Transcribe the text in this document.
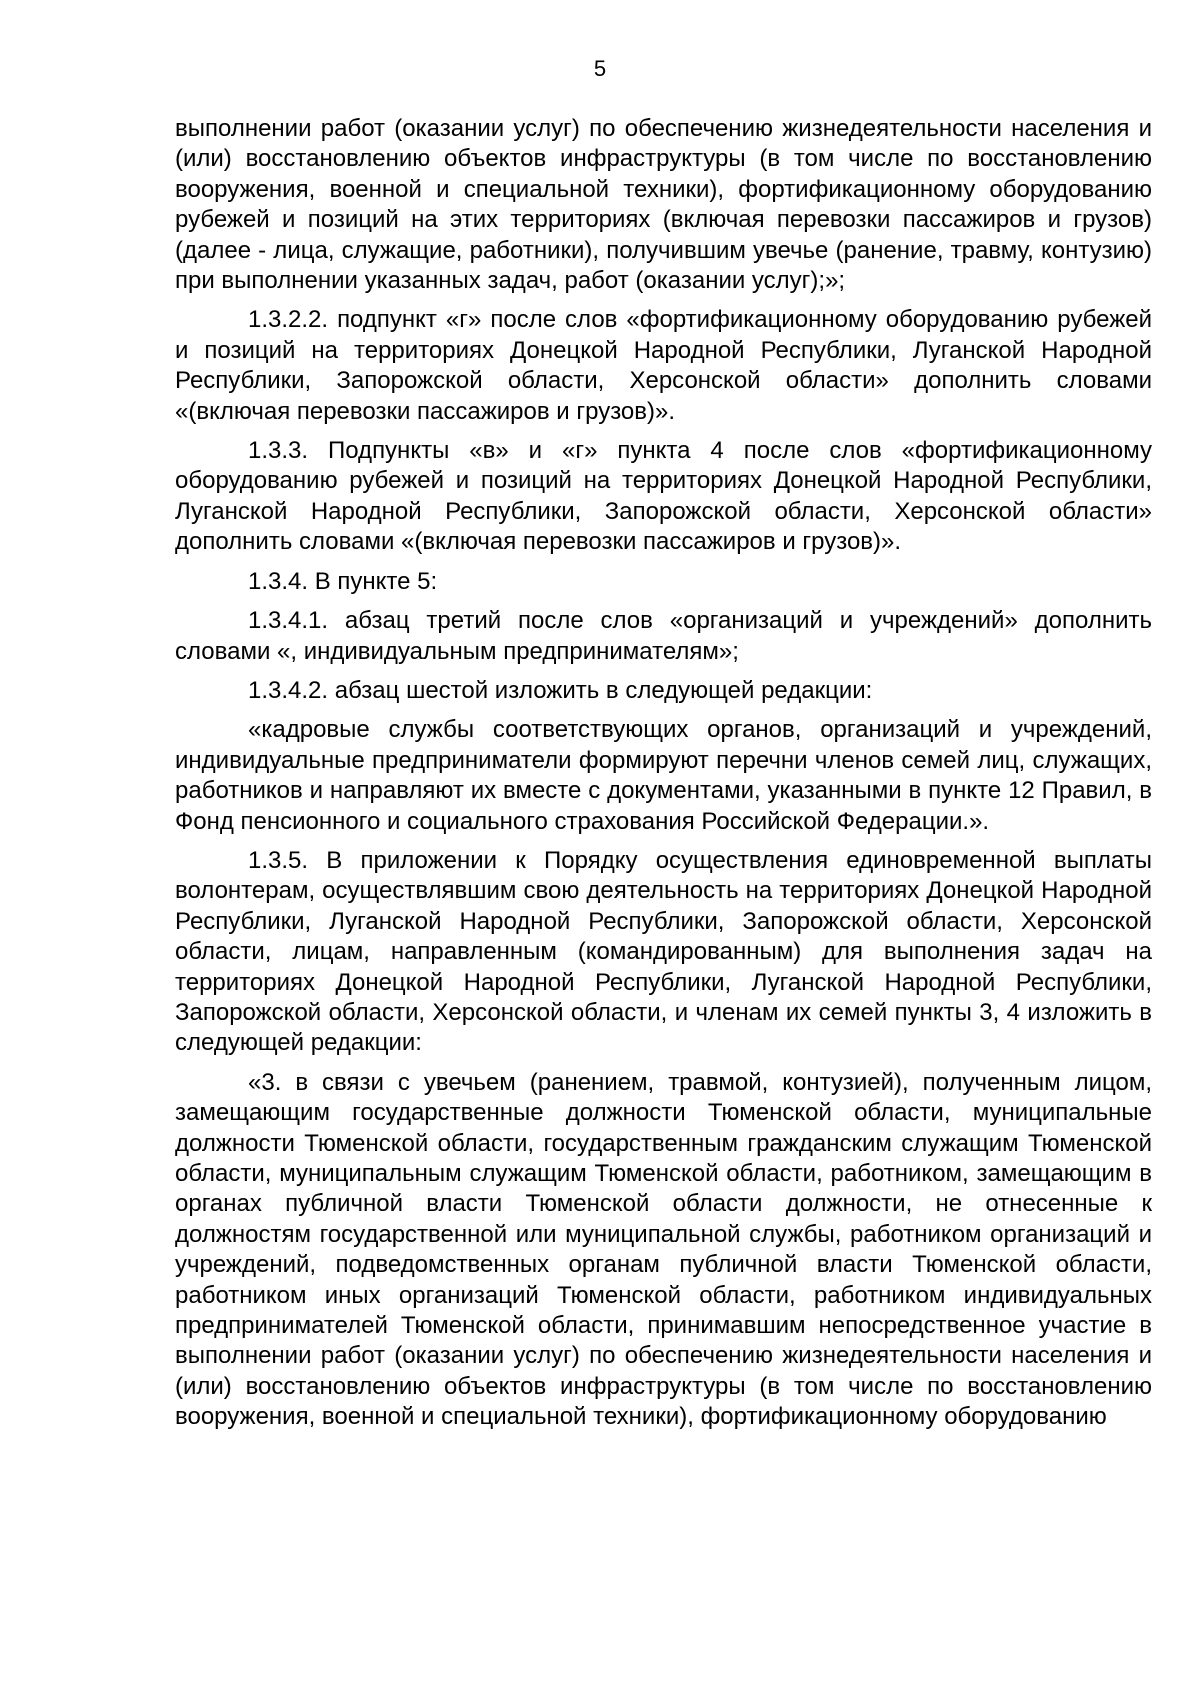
5

выполнении работ (оказании услуг) по обеспечению жизнедеятельности населения и (или) восстановлению объектов инфраструктуры (в том числе по восстановлению вооружения, военной и специальной техники), фортификационному оборудованию рубежей и позиций на этих территориях (включая перевозки пассажиров и грузов) (далее - лица, служащие, работники), получившим увечье (ранение, травму, контузию) при выполнении указанных задач, работ (оказании услуг);»;

1.3.2.2. подпункт «г» после слов «фортификационному оборудованию рубежей и позиций на территориях Донецкой Народной Республики, Луганской Народной Республики, Запорожской области, Херсонской области» дополнить словами «(включая перевозки пассажиров и грузов)».

1.3.3. Подпункты «в» и «г» пункта 4 после слов «фортификационному оборудованию рубежей и позиций на территориях Донецкой Народной Республики, Луганской Народной Республики, Запорожской области, Херсонской области» дополнить словами «(включая перевозки пассажиров и грузов)».

1.3.4. В пункте 5:

1.3.4.1. абзац третий после слов «организаций и учреждений» дополнить словами «, индивидуальным предпринимателям»;

1.3.4.2. абзац шестой изложить в следующей редакции:

«кадровые службы соответствующих органов, организаций и учреждений, индивидуальные предприниматели формируют перечни членов семей лиц, служащих, работников и направляют их вместе с документами, указанными в пункте 12 Правил, в Фонд пенсионного и социального страхования Российской Федерации.».

1.3.5. В приложении к Порядку осуществления единовременной выплаты волонтерам, осуществлявшим свою деятельность на территориях Донецкой Народной Республики, Луганской Народной Республики, Запорожской области, Херсонской области, лицам, направленным (командированным) для выполнения задач на территориях Донецкой Народной Республики, Луганской Народной Республики, Запорожской области, Херсонской области, и членам их семей пункты 3, 4 изложить в следующей редакции:

«3. в связи с увечьем (ранением, травмой, контузией), полученным лицом, замещающим государственные должности Тюменской области, муниципальные должности Тюменской области, государственным гражданским служащим Тюменской области, муниципальным служащим Тюменской области, работником, замещающим в органах публичной власти Тюменской области должности, не отнесенные к должностям государственной или муниципальной службы, работником организаций и учреждений, подведомственных органам публичной власти Тюменской области, работником иных организаций Тюменской области, работником индивидуальных предпринимателей Тюменской области, принимавшим непосредственное участие в выполнении работ (оказании услуг) по обеспечению жизнедеятельности населения и (или) восстановлению объектов инфраструктуры (в том числе по восстановлению вооружения, военной и специальной техники), фортификационному оборудованию
